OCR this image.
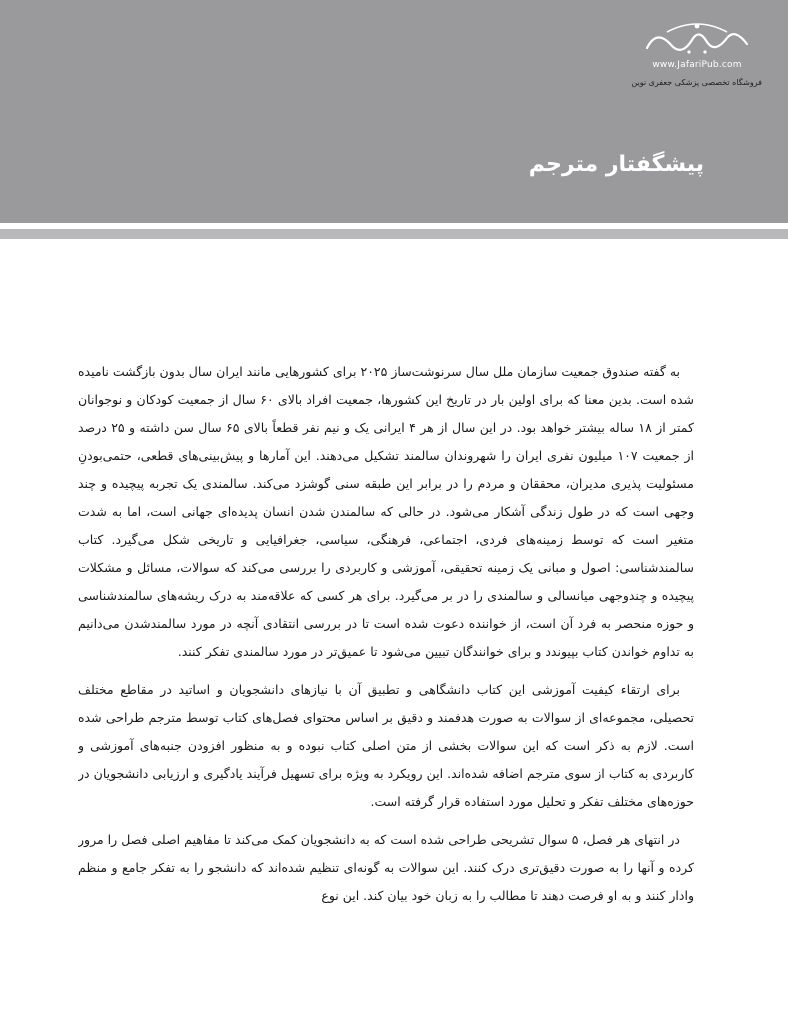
www.JafariPub.com
فروشگاه تخصصی پزشکی جعفری نوین
پیشگفتار مترجم

به گفته صندوق جمعیت سازمان ملل سال سرنوشت‌ساز ۲۰۲۵ برای کشورهایی مانند ایران سال بدون بازگشت نامیده شده است. بدین معنا که برای اولین بار در تاریخ این کشورها، جمعیت افراد بالای ۶۰ سال از جمعیت کودکان و نوجوانان کمتر از ۱۸ ساله بیشتر خواهد بود. در این سال از هر ۴ ایرانی یک و نیم نفر قطعاً بالای ۶۵ سال سن داشته و ۲۵ درصد از جمعیت ۱۰۷ میلیون نفری ایران را شهروندان سالمند تشکیل می‌دهند. این آمارها و پیش‌بینی‌های قطعی، حتمی‌بودنِ مسئولیت پذیری مدیران، محققان و مردم را در برابر این طبقه سنی گوشزد می‌کند. سالمندی یک تجربه پیچیده و چند وجهی است که در طول زندگی آشکار می‌شود. در حالی که سالمندن شدن انسان پدیده‌ای جهانی است، اما به شدت متغیر است که توسط زمینه‌های فردی، اجتماعی، فرهنگی، سیاسی، جغرافیایی و تاریخی شکل می‌گیرد. کتاب سالمندشناسی: اصول و مبانی یک زمینه تحقیقی، آموزشی و کاربردی را بررسی می‌کند که سوالات، مسائل و مشکلات پیچیده و چندوجهی میانسالی و سالمندی را در بر می‌گیرد. برای هر کسی که علاقه‌مند به درک ریشه‌های سالمندشناسی و حوزه منحصر به فرد آن است، از خواننده دعوت شده است تا در بررسی انتقادی آنچه در مورد سالمندشدن می‌دانیم به تداوم خواندن کتاب بپیوندد و برای خوانندگان تبیین می‌شود تا عمیق‌تر در مورد سالمندی تفکر کنند.

برای ارتقاء کیفیت آموزشی این کتاب دانشگاهی و تطبیق آن با نیازهای دانشجویان و اساتید در مقاطع مختلف تحصیلی، مجموعه‌ای از سوالات به صورت هدفمند و دقیق بر اساس محتوای فصل‌های کتاب توسط مترجم طراحی شده است. لازم به ذکر است که این سوالات بخشی از متن اصلی کتاب نبوده و به منظور افزودن جنبه‌های آموزشی و کاربردی به کتاب از سوی مترجم اضافه شده‌اند. این رویکرد به ویژه برای تسهیل فرآیند یادگیری و ارزیابی دانشجویان در حوزه‌های مختلف تفکر و تحلیل مورد استفاده قرار گرفته است.

در انتهای هر فصل، ۵ سوال تشریحی طراحی شده است که به دانشجویان کمک می‌کند تا مفاهیم اصلی فصل را مرور کرده و آنها را به صورت دقیق‌تری درک کنند. این سوالات به گونه‌ای تنظیم شده‌اند که دانشجو را به تفکر جامع و منظم وادار کنند و به او فرصت دهند تا مطالب را به زبان خود بیان کند. این نوع
